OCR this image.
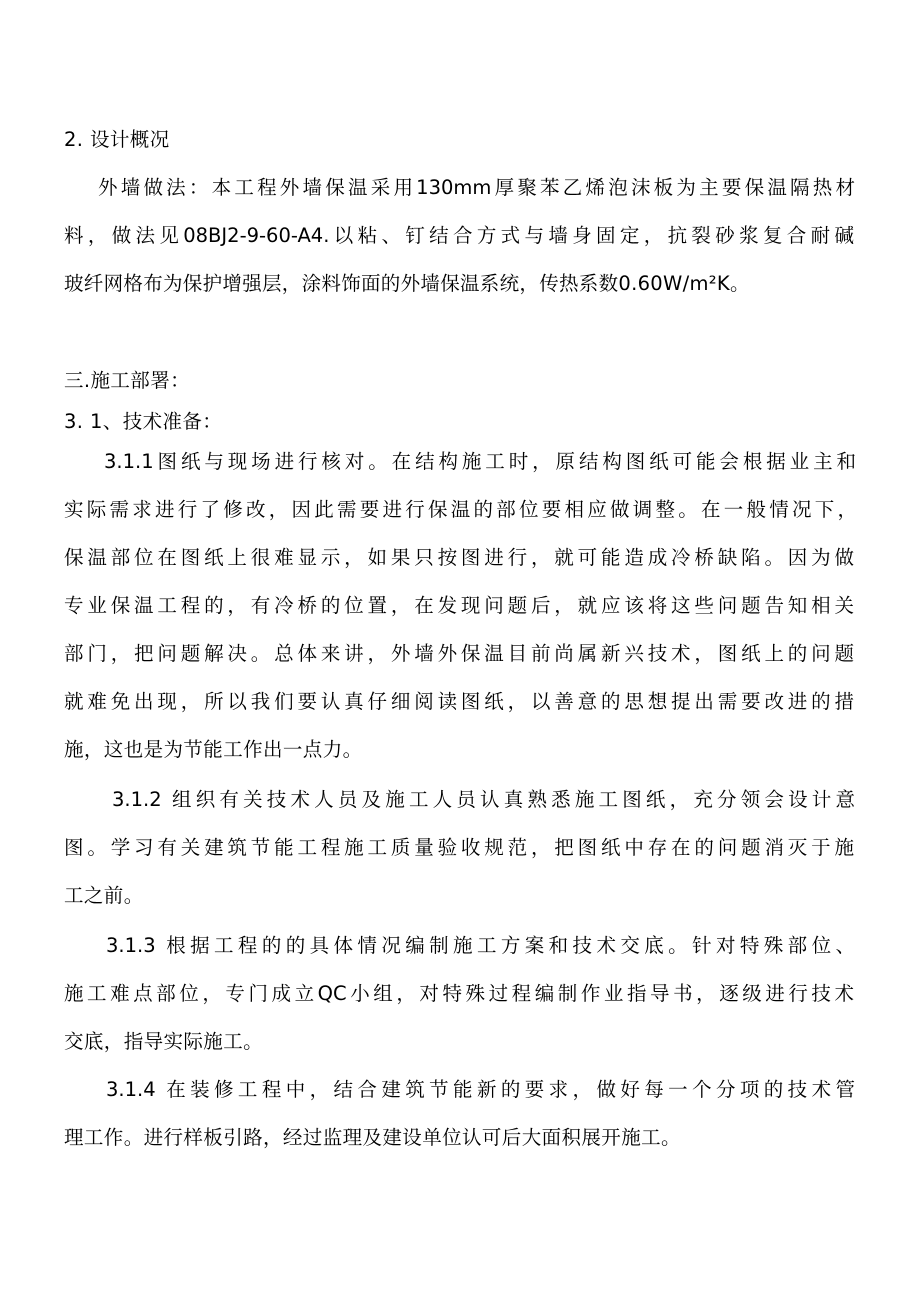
2. 设计概况
外墙做法：本工程外墙保温采用130mm厚聚苯乙烯泡沫板为主要保温隔热材
料，做法见08BJ2-9-60-A4.以粘、钉结合方式与墙身固定，抗裂砂浆复合耐碱
玻纤网格布为保护增强层，涂料饰面的外墙保温系统，传热系数0.60W/m²K。
三.施工部署：
3. 1、技术准备：
3.1.1图纸与现场进行核对。在结构施工时，原结构图纸可能会根据业主和
实际需求进行了修改，因此需要进行保温的部位要相应做调整。在一般情况下，
保温部位在图纸上很难显示，如果只按图进行，就可能造成冷桥缺陷。因为做
专业保温工程的，有冷桥的位置，在发现问题后，就应该将这些问题告知相关
部门，把问题解决。总体来讲，外墙外保温目前尚属新兴技术，图纸上的问题
就难免出现，所以我们要认真仔细阅读图纸，以善意的思想提出需要改进的措
施，这也是为节能工作出一点力。
3.1.2 组织有关技术人员及施工人员认真熟悉施工图纸，充分领会设计意
图。学习有关建筑节能工程施工质量验收规范，把图纸中存在的问题消灭于施
工之前。
3.1.3 根据工程的的具体情况编制施工方案和技术交底。针对特殊部位、
施工难点部位，专门成立QC小组，对特殊过程编制作业指导书，逐级进行技术
交底，指导实际施工。
3.1.4 在装修工程中，结合建筑节能新的要求，做好每一个分项的技术管
理工作。进行样板引路，经过监理及建设单位认可后大面积展开施工。
